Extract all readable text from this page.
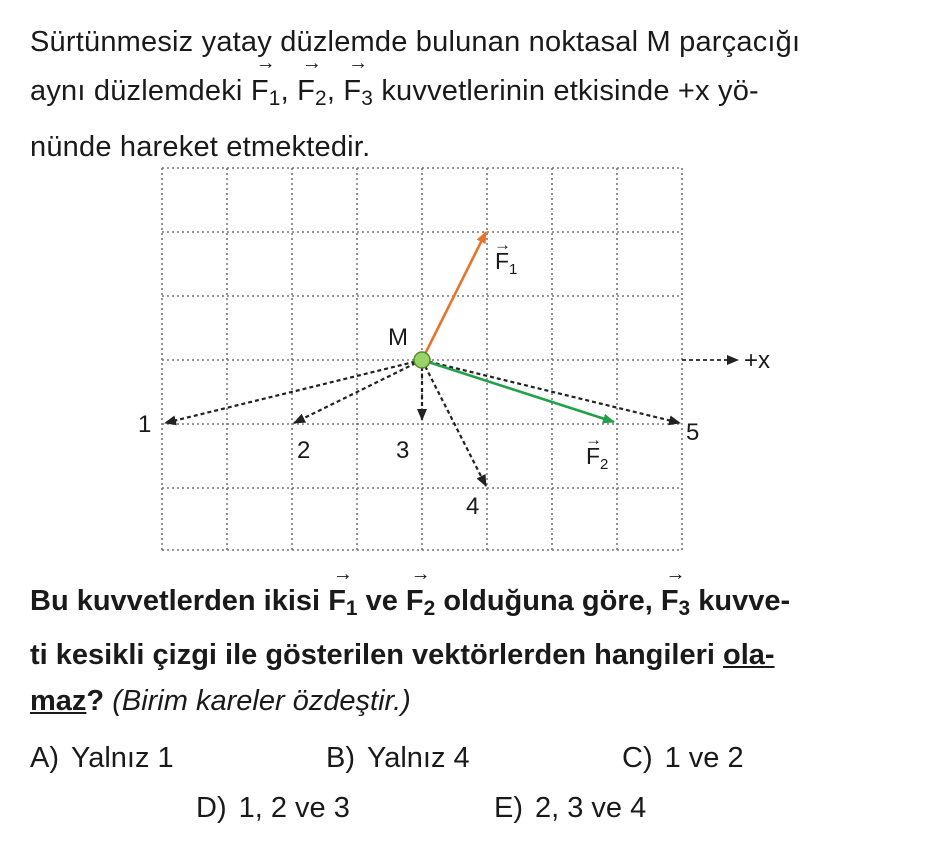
Sürtünmesiz yatay düzlemde bulunan noktasal M parçacığı
aynı düzlemdeki
→
$F_1$,
→
$F_2$,
→
$F_3$ kuvvetlerinin etkisinde +x yö-
nünde hareket etmektedir.
M
+x
1
2	3
4
5
F 1
→
F 2
→
Bu kuvvetlerden ikisi
→
$F_1$ ve
→
$F_2$ olduğuna göre,
→
$F_3$ kuvve-
ti kesikli çizgi ile gösterilen vektörlerden hangileri ola-
maz? (Birim kareler özdeştir.)
A) Yalnız 1	B) Yalnız 4	C) 1 ve 2
D) 1, 2 ve 3	E) 2, 3 ve 4
